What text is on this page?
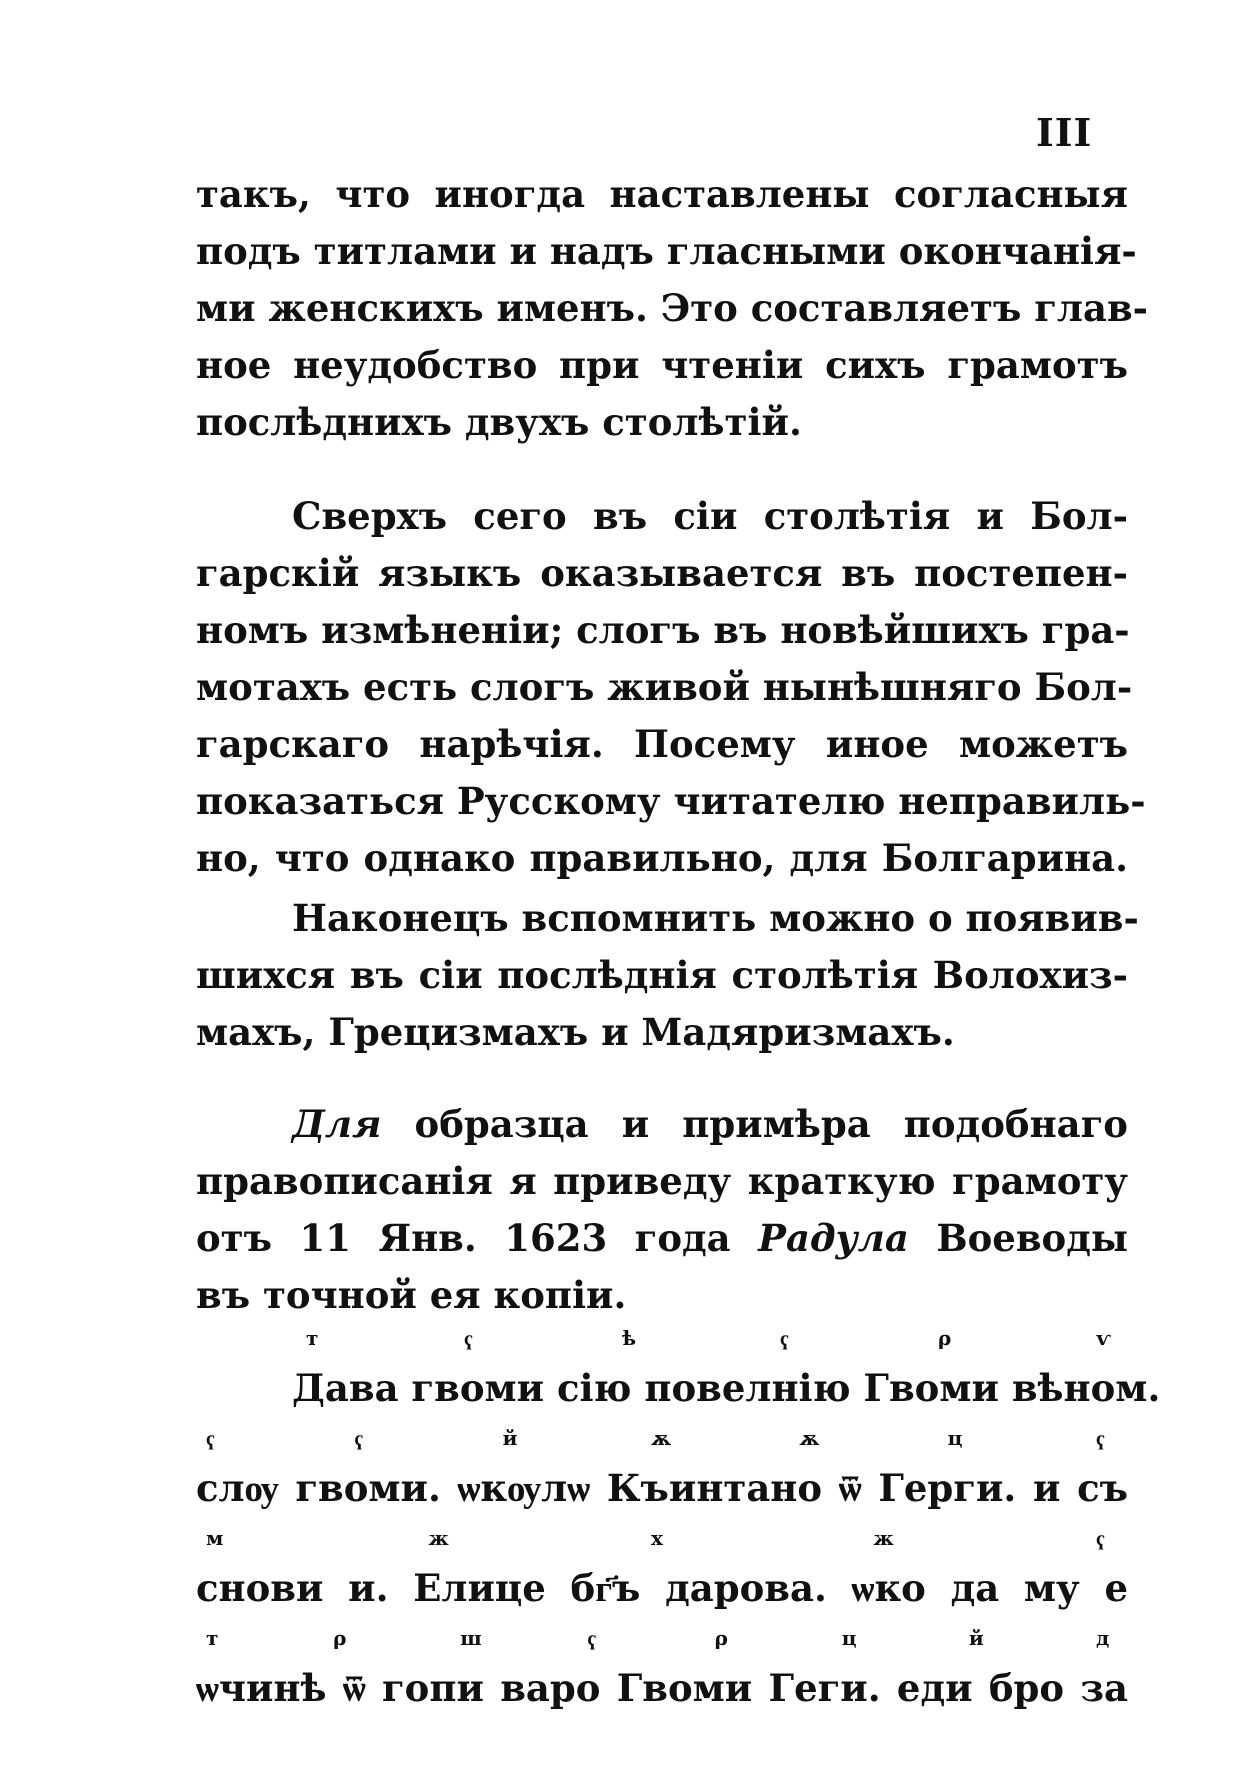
III
такъ, что иногда наставлены согласныя
подъ титлами и надъ гласными окончанія-
ми женскихъ именъ. Это составляетъ глав-
ное неудобство при чтеніи сихъ грамотъ
послѣднихъ двухъ столѣтій.
Сверхъ сего въ сіи столѣтія и Бол-
гарскій языкъ оказывается въ постепен-
номъ измѣненіи; слогъ въ новѣйшихъ гра-
мотахъ есть слогъ живой нынѣшняго Бол-
гарскаго нарѣчія. Посему иное можетъ
показаться Русскому читателю неправиль-
но, что однако правильно, для Болгарина.
Наконецъ вспомнить можно о появив-
шихся въ сіи послѣднія столѣтія Волохиз-
махъ, Грецизмахъ и Мадяризмахъ.
Для образца и примѣра подобнаго
правописанія я приведу краткую грамоту
отъ 11 Янв. 1623 года Радула Воеводы
въ точной ея копіи.
т	ҁ	ѣ	ҁ	ρ	ѵ
Дава гвоми сію повелнію Гвоми вѣном.
ҁ	ҁ	й	ѫ	ѫ	ц	ҁ
слѹ гвоми. ѡкѹлѡ Къинтано ѿ Герги. и съ
м	ж	х	ж	ҁ
снови и. Елице бг҃ъ дарова. ѡко да му е
т	ρ	ш	ҁ	ρ	ц	й	д
ѡчинѣ ѿ гопи варо Гвоми Геги. еди бро за
